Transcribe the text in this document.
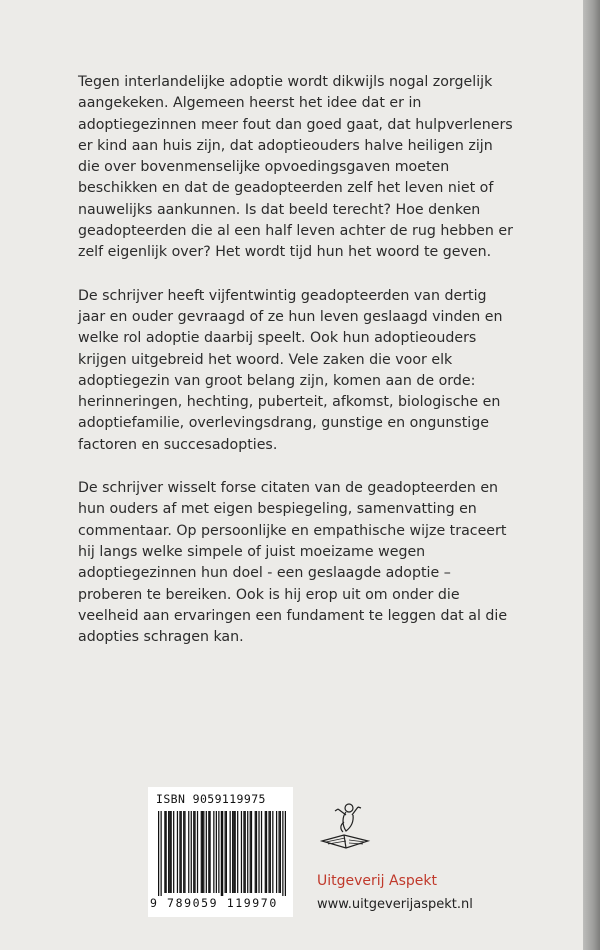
Tegen interlandelijke adoptie wordt dikwijls nogal zorgelijk aangekeken. Algemeen heerst het idee dat er in adoptiegezinnen meer fout dan goed gaat, dat hulpverleners er kind aan huis zijn, dat adoptieouders halve heiligen zijn die over bovenmenselijke opvoedingsgaven moeten beschikken en dat de geadopteerden zelf het leven niet of nauwelijks aankunnen. Is dat beeld terecht? Hoe denken geadopteerden die al een half leven achter de rug hebben er zelf eigenlijk over? Het wordt tijd hun het woord te geven.

De schrijver heeft vijfentwintig geadopteerden van dertig jaar en ouder gevraagd of ze hun leven geslaagd vinden en welke rol adoptie daarbij speelt. Ook hun adoptieouders krijgen uitgebreid het woord. Vele zaken die voor elk adoptiegezin van groot belang zijn, komen aan de orde: herinneringen, hechting, puberteit, afkomst, biologische en adoptiefamilie, overlevingsdrang, gunstige en ongunstige factoren en succesadopties.

De schrijver wisselt forse citaten van de geadopteerden en hun ouders af met eigen bespiegeling, samenvatting en commentaar. Op persoonlijke en empathische wijze traceert hij langs welke simpele of juist moeizame wegen adoptiegezinnen hun doel - een geslaagde adoptie – proberen te bereiken. Ook is hij erop uit om onder die veelheid aan ervaringen een fundament te leggen dat al die adopties schragen kan.

ISBN 9059119975
9 789059 119970
Uitgeverij Aspekt
www.uitgeverijaspekt.nl
